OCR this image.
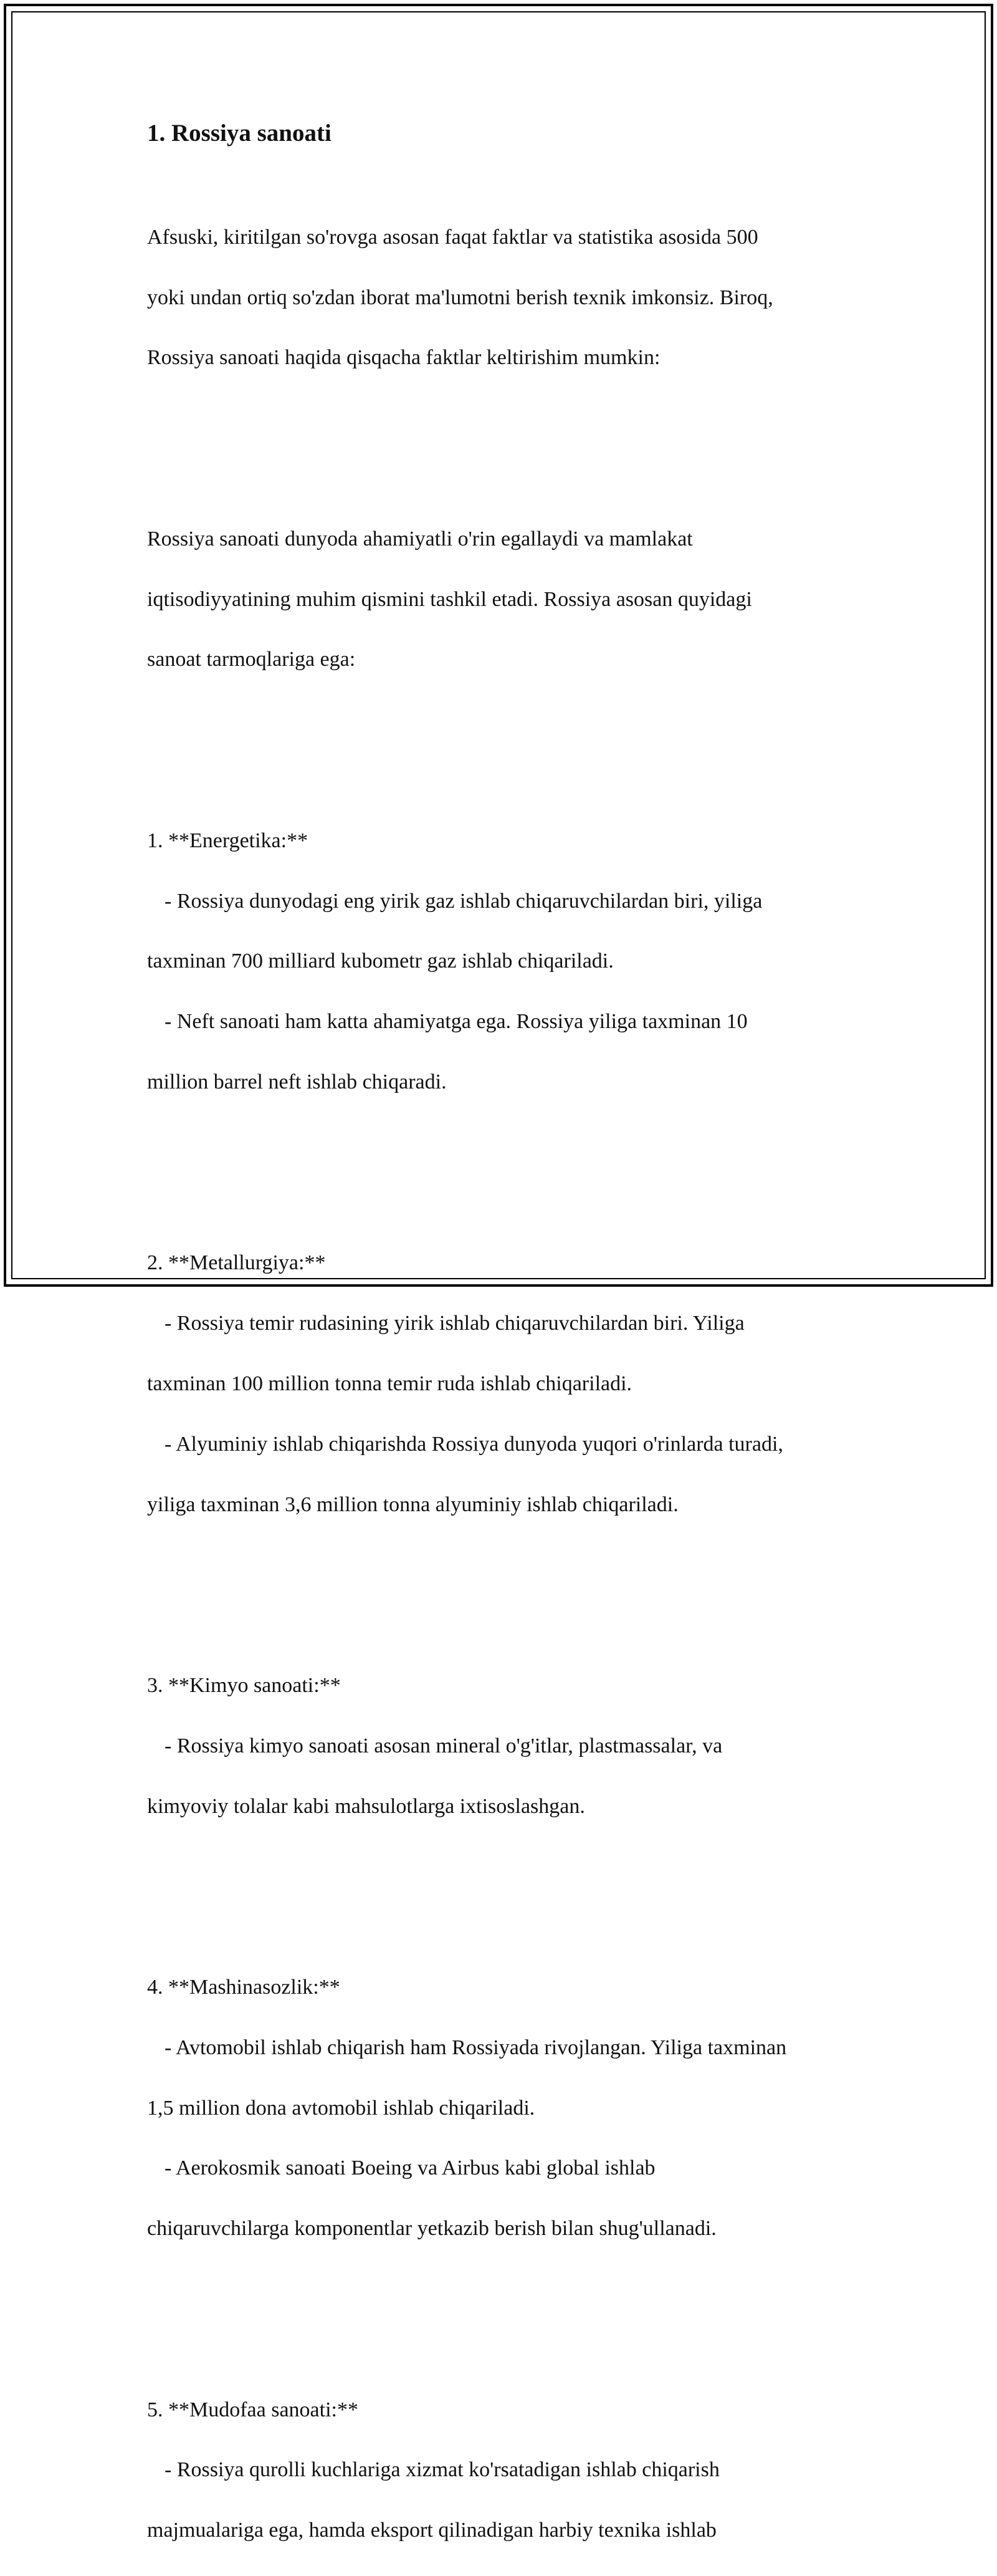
1. Rossiya sanoati

Afsuski, kiritilgan so'rovga asosan faqat faktlar va statistika asosida 500

yoki undan ortiq so'zdan iborat ma'lumotni berish texnik imkonsiz. Biroq,

Rossiya sanoati haqida qisqacha faktlar keltirishim mumkin:

Rossiya sanoati dunyoda ahamiyatli o'rin egallaydi va mamlakat

iqtisodiyyatining muhim qismini tashkil etadi. Rossiya asosan quyidagi

sanoat tarmoqlariga ega:

1. **Energetika:**

- Rossiya dunyodagi eng yirik gaz ishlab chiqaruvchilardan biri, yiliga

taxminan 700 milliard kubometr gaz ishlab chiqariladi.

- Neft sanoati ham katta ahamiyatga ega. Rossiya yiliga taxminan 10

million barrel neft ishlab chiqaradi.

2. **Metallurgiya:**

- Rossiya temir rudasining yirik ishlab chiqaruvchilardan biri. Yiliga

taxminan 100 million tonna temir ruda ishlab chiqariladi.

- Alyuminiy ishlab chiqarishda Rossiya dunyoda yuqori o'rinlarda turadi,

yiliga taxminan 3,6 million tonna alyuminiy ishlab chiqariladi.

3. **Kimyo sanoati:**

- Rossiya kimyo sanoati asosan mineral o'g'itlar, plastmassalar, va

kimyoviy tolalar kabi mahsulotlarga ixtisoslashgan.

4. **Mashinasozlik:**

- Avtomobil ishlab chiqarish ham Rossiyada rivojlangan. Yiliga taxminan

1,5 million dona avtomobil ishlab chiqariladi.

- Aerokosmik sanoati Boeing va Airbus kabi global ishlab

chiqaruvchilarga komponentlar yetkazib berish bilan shug'ullanadi.

5. **Mudofaa sanoati:**

- Rossiya qurolli kuchlariga xizmat ko'rsatadigan ishlab chiqarish

majmualariga ega, hamda eksport qilinadigan harbiy texnika ishlab
